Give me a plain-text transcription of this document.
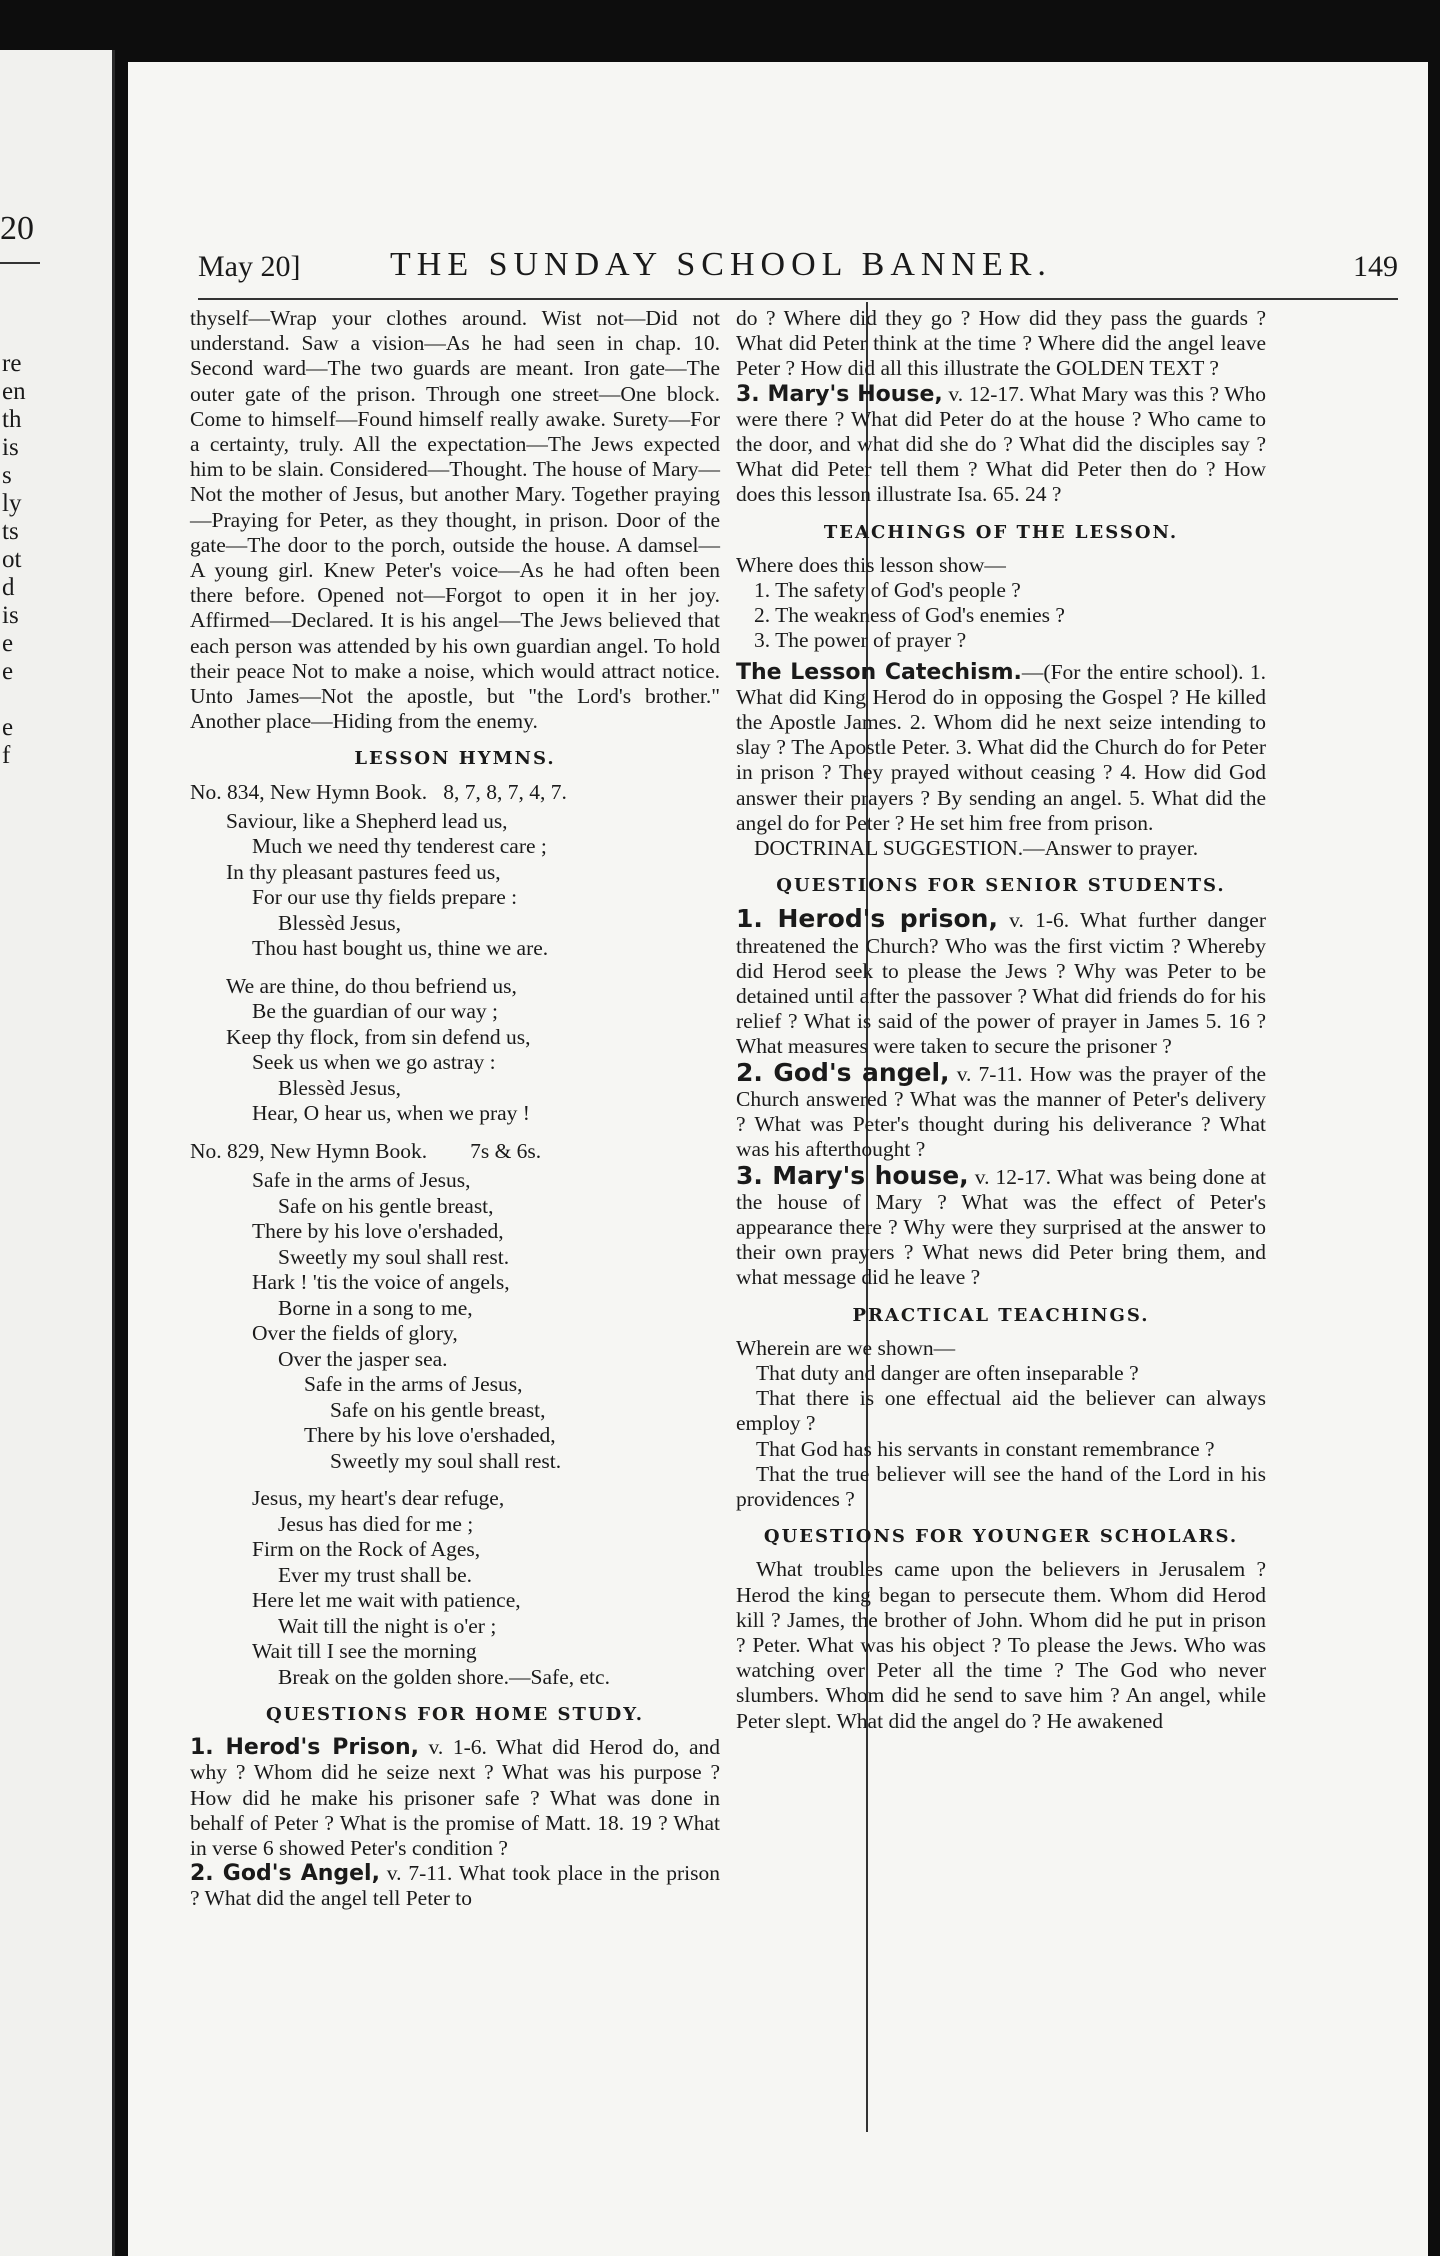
20
re
en
th
is
s
ly
ts
ot
d
is
e
e

e
f
May 20]	THE SUNDAY SCHOOL BANNER.	149

thyself—Wrap your clothes around. Wist not—Did not understand. Saw a vision—As he had seen in chap. 10. Second ward—The two guards are meant. Iron gate—The outer gate of the prison. Through one street—One block. Come to himself—Found himself really awake. Surety—For a certainty, truly. All the expectation—The Jews expected him to be slain. Considered—Thought. The house of Mary—Not the mother of Jesus, but another Mary. Together praying—Praying for Peter, as they thought, in prison. Door of the gate—The door to the porch, outside the house. A damsel—A young girl. Knew Peter's voice—As he had often been there before. Opened not—Forgot to open it in her joy. Affirmed—Declared. It is his angel—The Jews believed that each person was attended by his own guardian angel. To hold their peace Not to make a noise, which would attract notice. Unto James—Not the apostle, but "the Lord's brother." Another place—Hiding from the enemy.

LESSON HYMNS.
No. 834, New Hymn Book.   8, 7, 8, 7, 4, 7.
Saviour, like a Shepherd lead us,
Much we need thy tenderest care ;
In thy pleasant pastures feed us,
For our use thy fields prepare :
Blessèd Jesus,
Thou hast bought us, thine we are.
We are thine, do thou befriend us,
Be the guardian of our way ;
Keep thy flock, from sin defend us,
Seek us when we go astray :
Blessèd Jesus,
Hear, O hear us, when we pray !
No. 829, New Hymn Book.        7s & 6s.
Safe in the arms of Jesus,
Safe on his gentle breast,
There by his love o'ershaded,
Sweetly my soul shall rest.
Hark ! 'tis the voice of angels,
Borne in a song to me,
Over the fields of glory,
Over the jasper sea.
Safe in the arms of Jesus,
Safe on his gentle breast,
There by his love o'ershaded,
Sweetly my soul shall rest.
Jesus, my heart's dear refuge,
Jesus has died for me ;
Firm on the Rock of Ages,
Ever my trust shall be.
Here let me wait with patience,
Wait till the night is o'er ;
Wait till I see the morning
Break on the golden shore.—Safe, etc.
QUESTIONS FOR HOME STUDY.

1. Herod's Prison, v. 1-6. What did Herod do, and why ? Whom did he seize next ? What was his purpose ? How did he make his prisoner safe ? What was done in behalf of Peter ? What is the promise of Matt. 18. 19 ? What in verse 6 showed Peter's condition ?

2. God's Angel, v. 7-11. What took place in the prison ? What did the angel tell Peter to

do ? Where did they go ? How did they pass the guards ? What did Peter think at the time ? Where did the angel leave Peter ? How did all this illustrate the GOLDEN TEXT ?

3. Mary's House, v. 12-17. What Mary was this ? Who were there ? What did Peter do at the house ? Who came to the door, and what did she do ? What did the disciples say ? What did Peter tell them ? What did Peter then do ? How does this lesson illustrate Isa. 65. 24 ?

TEACHINGS OF THE LESSON.

Where does this lesson show—

1. The safety of God's people ?
2. The weakness of God's enemies ?
3. The power of prayer ?

The Lesson Catechism.—(For the entire school). 1. What did King Herod do in opposing the Gospel ? He killed the Apostle James. 2. Whom did he next seize intending to slay ? The Apostle Peter. 3. What did the Church do for Peter in prison ? They prayed without ceasing ? 4. How did God answer their prayers ? By sending an angel. 5. What did the angel do for Peter ? He set him free from prison.

DOCTRINAL SUGGESTION.—Answer to prayer.

QUESTIONS FOR SENIOR STUDENTS.

1. Herod's prison, v. 1-6. What further danger threatened the Church? Who was the first victim ? Whereby did Herod seek to please the Jews ? Why was Peter to be detained until after the passover ? What did friends do for his relief ? What is said of the power of prayer in James 5. 16 ? What measures were taken to secure the prisoner ?

2. God's angel, v. 7-11. How was the prayer of the Church answered ? What was the manner of Peter's delivery ? What was Peter's thought during his deliverance ? What was his afterthought ?

3. Mary's house, v. 12-17. What was being done at the house of Mary ? What was the effect of Peter's appearance there ? Why were they surprised at the answer to their own prayers ? What news did Peter bring them, and what message did he leave ?

PRACTICAL TEACHINGS.

Wherein are we shown—

That duty and danger are often inseparable ?

That there is one effectual aid the believer can always employ ?

That God has his servants in constant remembrance ?

That the true believer will see the hand of the Lord in his providences ?

QUESTIONS FOR YOUNGER SCHOLARS.

What troubles came upon the believers in Jerusalem ? Herod the king began to persecute them. Whom did Herod kill ? James, the brother of John. Whom did he put in prison ? Peter. What was his object ? To please the Jews. Who was watching over Peter all the time ? The God who never slumbers. Whom did he send to save him ? An angel, while Peter slept. What did the angel do ? He awakened
